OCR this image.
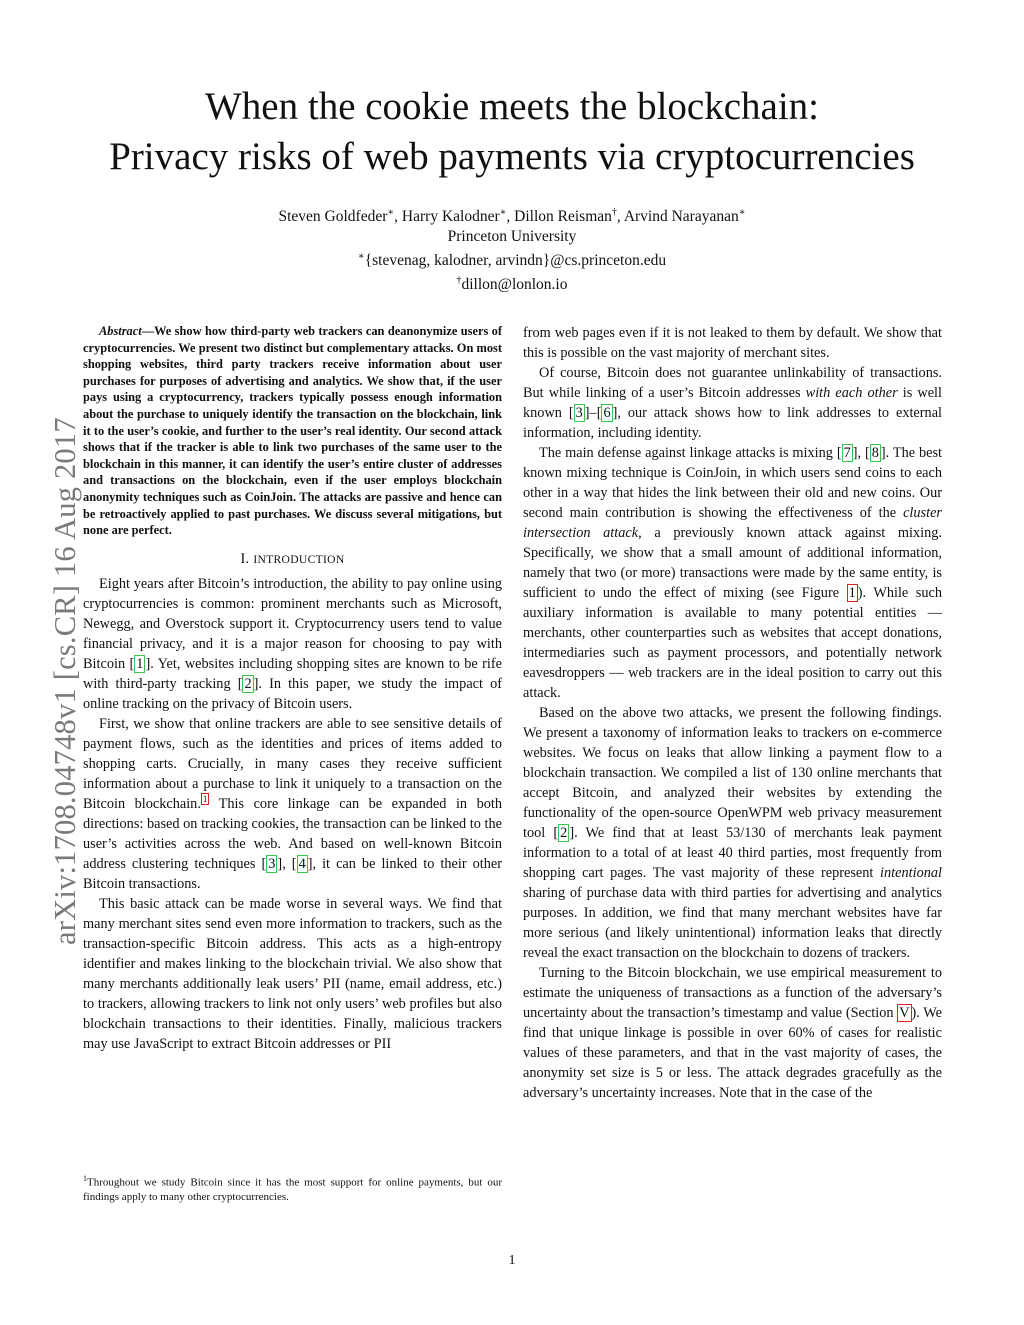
arXiv:1708.04748v1 [cs.CR] 16 Aug 2017
When the cookie meets the blockchain:
Privacy risks of web payments via cryptocurrencies
Steven Goldfeder∗, Harry Kalodner∗, Dillon Reisman†, Arvind Narayanan∗
Princeton University
∗{stevenag, kalodner, arvindn}@cs.princeton.edu
†dillon@lonlon.io

Abstract—We show how third-party web trackers can deanonymize users of cryptocurrencies. We present two distinct but complementary attacks. On most shopping websites, third party trackers receive information about user purchases for purposes of advertising and analytics. We show that, if the user pays using a cryptocurrency, trackers typically possess enough information about the purchase to uniquely identify the transaction on the blockchain, link it to the user’s cookie, and further to the user’s real identity. Our second attack shows that if the tracker is able to link two purchases of the same user to the blockchain in this manner, it can identify the user’s entire cluster of addresses and transactions on the blockchain, even if the user employs blockchain anonymity techniques such as CoinJoin. The attacks are passive and hence can be retroactively applied to past purchases. We discuss several mitigations, but none are perfect.

I. INTRODUCTION

Eight years after Bitcoin’s introduction, the ability to pay online using cryptocurrencies is common: prominent merchants such as Microsoft, Newegg, and Overstock support it. Cryptocurrency users tend to value financial privacy, and it is a major reason for choosing to pay with Bitcoin [ 1 ]. Yet, websites including shopping sites are known to be rife with third-party tracking [ 2 ]. In this paper, we study the impact of online tracking on the privacy of Bitcoin users.

First, we show that online trackers are able to see sensitive details of payment flows, such as the identities and prices of items added to shopping carts. Crucially, in many cases they receive sufficient information about a purchase to link it uniquely to a transaction on the Bitcoin blockchain. $^1$ This core linkage can be expanded in both directions: based on tracking cookies, the transaction can be linked to the user’s activities across the web. And based on well-known Bitcoin address clustering techniques [ 3 ], [ 4 ], it can be linked to their other Bitcoin transactions.

This basic attack can be made worse in several ways. We find that many merchant sites send even more information to trackers, such as the transaction-specific Bitcoin address. This acts as a high-entropy identifier and makes linking to the blockchain trivial. We also show that many merchants additionally leak users’ PII (name, email address, etc.) to trackers, allowing trackers to link not only users’ web profiles but also blockchain transactions to their identities. Finally, malicious trackers may use JavaScript to extract Bitcoin addresses or PII

$^1$Throughout we study Bitcoin since it has the most support for online payments, but our findings apply to many other cryptocurrencies.

from web pages even if it is not leaked to them by default. We show that this is possible on the vast majority of merchant sites.

Of course, Bitcoin does not guarantee unlinkability of transactions. But while linking of a user’s Bitcoin addresses with each other is well known [ 3 ]–[ 6 ], our attack shows how to link addresses to external information, including identity.

The main defense against linkage attacks is mixing [ 7 ], [ 8 ]. The best known mixing technique is CoinJoin, in which users send coins to each other in a way that hides the link between their old and new coins. Our second main contribution is showing the effectiveness of the cluster intersection attack, a previously known attack against mixing. Specifically, we show that a small amount of additional information, namely that two (or more) transactions were made by the same entity, is sufficient to undo the effect of mixing (see Figure 1 ). While such auxiliary information is available to many potential entities — merchants, other counterparties such as websites that accept donations, intermediaries such as payment processors, and potentially network eavesdroppers — web trackers are in the ideal position to carry out this attack.

Based on the above two attacks, we present the following findings. We present a taxonomy of information leaks to trackers on e-commerce websites. We focus on leaks that allow linking a payment flow to a blockchain transaction. We compiled a list of 130 online merchants that accept Bitcoin, and analyzed their websites by extending the functionality of the open-source OpenWPM web privacy measurement tool [ 2 ]. We find that at least 53/130 of merchants leak payment information to a total of at least 40 third parties, most frequently from shopping cart pages. The vast majority of these represent intentional sharing of purchase data with third parties for advertising and analytics purposes. In addition, we find that many merchant websites have far more serious (and likely unintentional) information leaks that directly reveal the exact transaction on the blockchain to dozens of trackers.

Turning to the Bitcoin blockchain, we use empirical measurement to estimate the uniqueness of transactions as a function of the adversary’s uncertainty about the transaction’s timestamp and value (Section V ). We find that unique linkage is possible in over 60% of cases for realistic values of these parameters, and that in the vast majority of cases, the anonymity set size is 5 or less. The attack degrades gracefully as the adversary’s uncertainty increases. Note that in the case of the

1
